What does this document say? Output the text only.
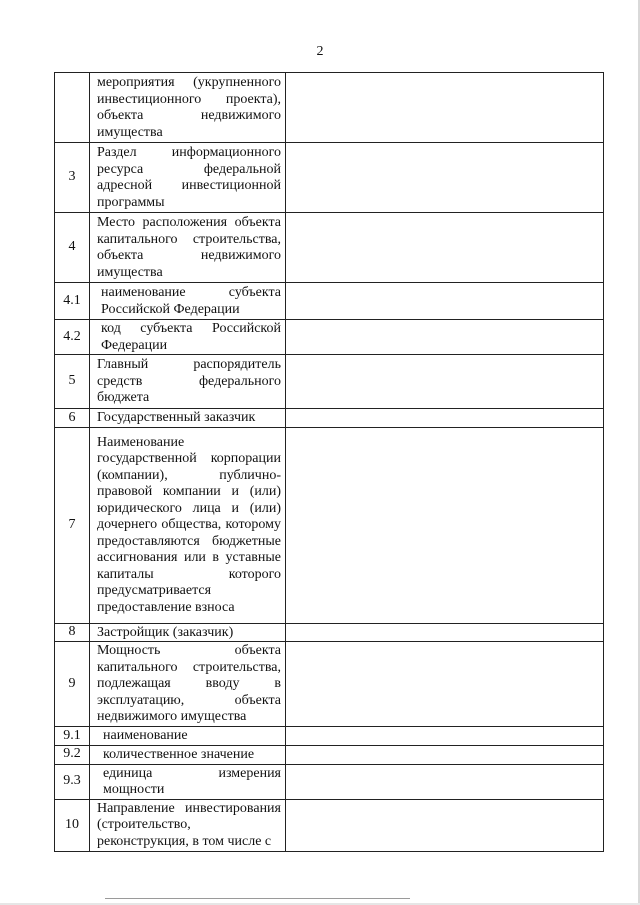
2

	мероприятия (укрупненного инвестиционного проекта), объекта недвижимого имущества	

3	Раздел информационного ресурса федеральной адресной инвестиционной программы	

4	Место расположения объекта капитального строительства, объекта недвижимого имущества	

4.1	наименование субъекта Российской Федерации	

4.2	код субъекта Российской Федерации	

5	Главный распорядитель средств федерального бюджета	

6	Государственный заказчик	

7	Наименование государственной корпорации (компании), публично-правовой компании и (или) юридического лица и (или) дочернего общества, которому предоставляются бюджетные ассигнования или в уставные капиталы которого предусматривается предоставление взноса	

8	Застройщик (заказчик)	

9	Мощность объекта капитального строительства, подлежащая вводу в эксплуатацию, объекта недвижимого имущества	

9.1	наименование	

9.2	количественное значение	

9.3	единица измерения мощности	

10	Направление инвестирования (строительство, реконструкция, в том числе с	
